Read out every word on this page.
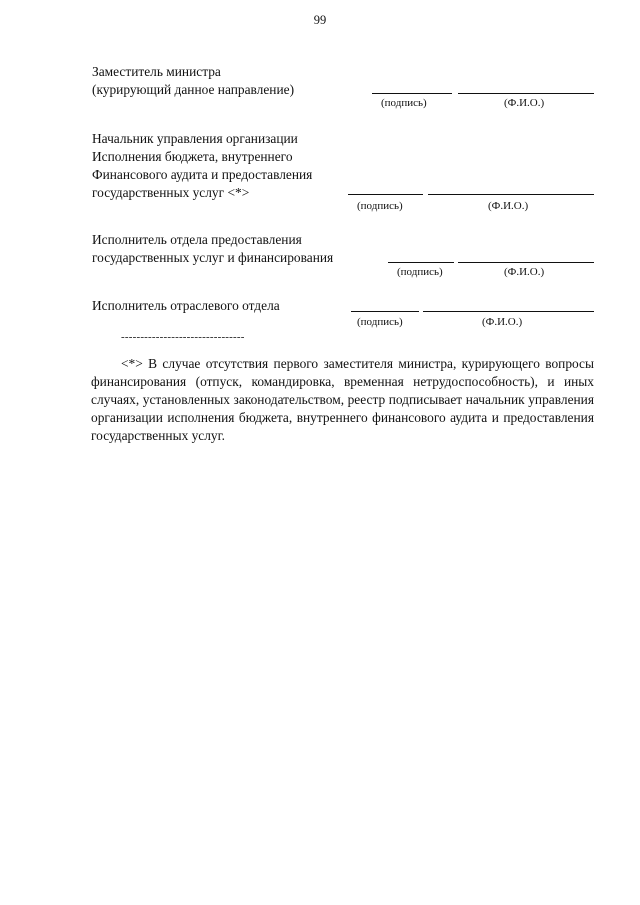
99
Заместитель министра
(курирующий данное направление)
(подпись)	(Ф.И.О.)
Начальник управления организации
Исполнения бюджета, внутреннего
Финансового аудита и предоставления
государственных услуг <*>
(подпись)	(Ф.И.О.)
Исполнитель отдела предоставления
государственных услуг и финансирования
(подпись)	(Ф.И.О.)
Исполнитель отраслевого отдела
(подпись)	(Ф.И.О.)
--------------------------------
<*> В случае отсутствия первого заместителя министра, курирующего вопросы финансирования (отпуск, командировка, временная нетрудоспособность), и иных случаях, установленных законодательством, реестр подписывает начальник управления организации исполнения бюджета, внутреннего финансового аудита и предоставления государственных услуг.
